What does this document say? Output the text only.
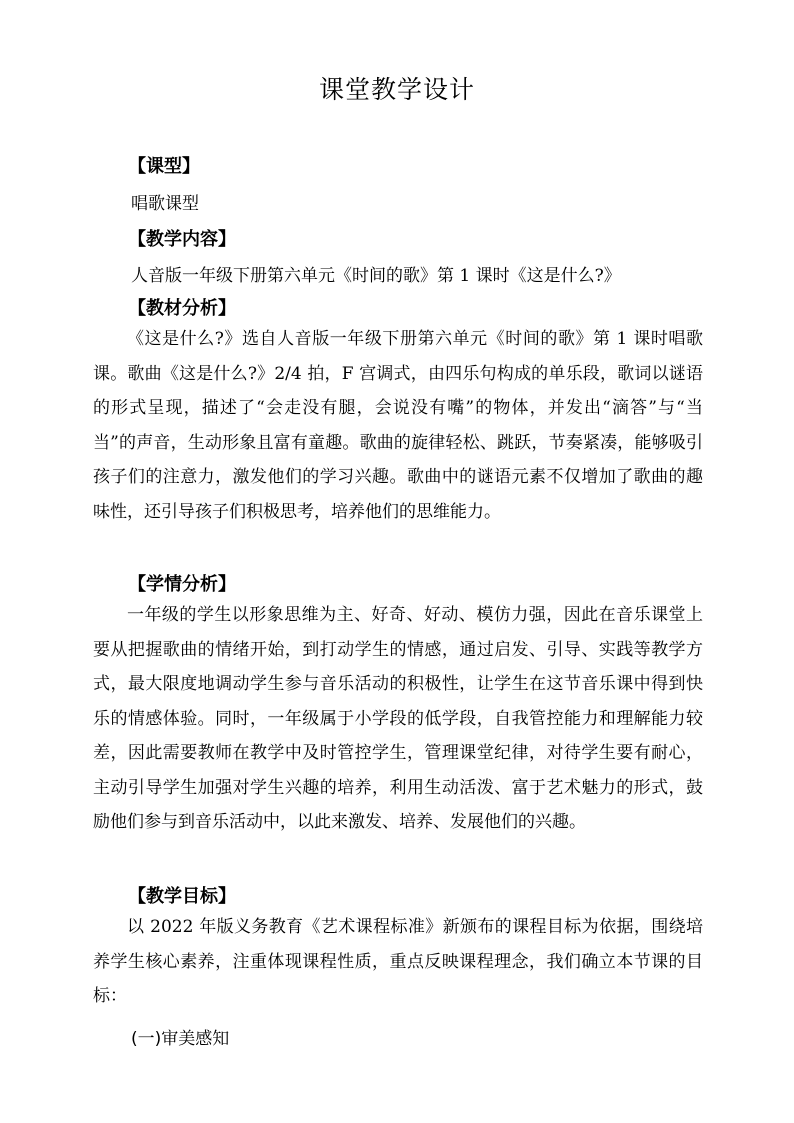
课堂教学设计
【课型】
唱歌课型
【教学内容】
人音版一年级下册第六单元《时间的歌》第 1 课时《这是什么?》
【教材分析】

《这是什么?》选自人音版一年级下册第六单元《时间的歌》第 1 课时唱歌课。歌曲《这是什么?》2/4 拍，F 宫调式，由四乐句构成的单乐段，歌词以谜语的形式呈现，描述了“会走没有腿，会说没有嘴”的物体，并发出“滴答”与“当当”的声音，生动形象且富有童趣。歌曲的旋律轻松、跳跃，节奏紧凑，能够吸引孩子们的注意力，激发他们的学习兴趣。歌曲中的谜语元素不仅增加了歌曲的趣味性，还引导孩子们积极思考，培养他们的思维能力。

【学情分析】

一年级的学生以形象思维为主、好奇、好动、模仿力强，因此在音乐课堂上要从把握歌曲的情绪开始，到打动学生的情感，通过启发、引导、实践等教学方式，最大限度地调动学生参与音乐活动的积极性，让学生在这节音乐课中得到快乐的情感体验。同时，一年级属于小学段的低学段，自我管控能力和理解能力较差，因此需要教师在教学中及时管控学生，管理课堂纪律，对待学生要有耐心，主动引导学生加强对学生兴趣的培养，利用生动活泼、富于艺术魅力的形式，鼓励他们参与到音乐活动中，以此来激发、培养、发展他们的兴趣。

【教学目标】

以 2022 年版义务教育《艺术课程标准》新颁布的课程目标为依据，围绕培养学生核心素养，注重体现课程性质，重点反映课程理念，我们确立本节课的目标：

(一)审美感知
